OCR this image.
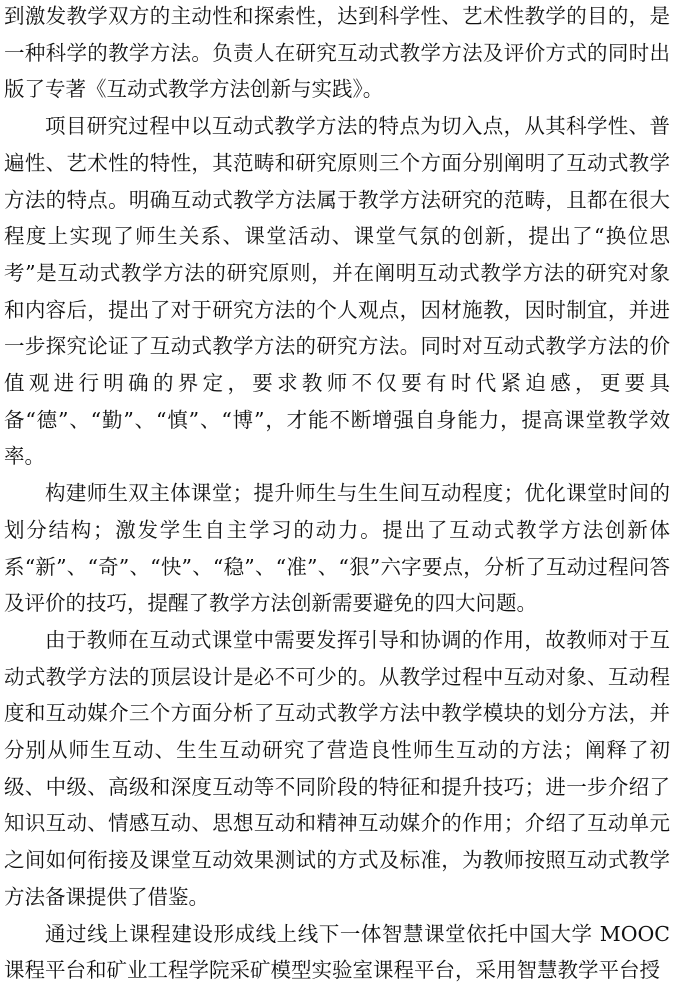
到激发教学双方的主动性和探索性，达到科学性、艺术性教学的目的，是一种科学的教学方法。负责人在研究互动式教学方法及评价方式的同时出版了专著《互动式教学方法创新与实践》。

项目研究过程中以互动式教学方法的特点为切入点，从其科学性、普遍性、艺术性的特性，其范畴和研究原则三个方面分别阐明了互动式教学方法的特点。明确互动式教学方法属于教学方法研究的范畴，且都在很大程度上实现了师生关系、课堂活动、课堂气氛的创新，提出了“换位思考”是互动式教学方法的研究原则，并在阐明互动式教学方法的研究对象和内容后，提出了对于研究方法的个人观点，因材施教，因时制宜，并进一步探究论证了互动式教学方法的研究方法。同时对互动式教学方法的价值观进行明确的界定，要求教师不仅要有时代紧迫感，更要具备“德”、“勤”、“慎”、“博”，才能不断增强自身能力，提高课堂教学效率。

构建师生双主体课堂；提升师生与生生间互动程度；优化课堂时间的划分结构；激发学生自主学习的动力。提出了互动式教学方法创新体系“新”、“奇”、“快”、“稳”、“准”、“狠”六字要点，分析了互动过程问答及评价的技巧，提醒了教学方法创新需要避免的四大问题。

由于教师在互动式课堂中需要发挥引导和协调的作用，故教师对于互动式教学方法的顶层设计是必不可少的。从教学过程中互动对象、互动程度和互动媒介三个方面分析了互动式教学方法中教学模块的划分方法，并分别从师生互动、生生互动研究了营造良性师生互动的方法；阐释了初级、中级、高级和深度互动等不同阶段的特征和提升技巧；进一步介绍了知识互动、情感互动、思想互动和精神互动媒介的作用；介绍了互动单元之间如何衔接及课堂互动效果测试的方式及标准，为教师按照互动式教学方法备课提供了借鉴。

通过线上课程建设形成线上线下一体智慧课堂依托中国大学 MOOC 课程平台和矿业工程学院采矿模型实验室课程平台，采用智慧教学平台授
